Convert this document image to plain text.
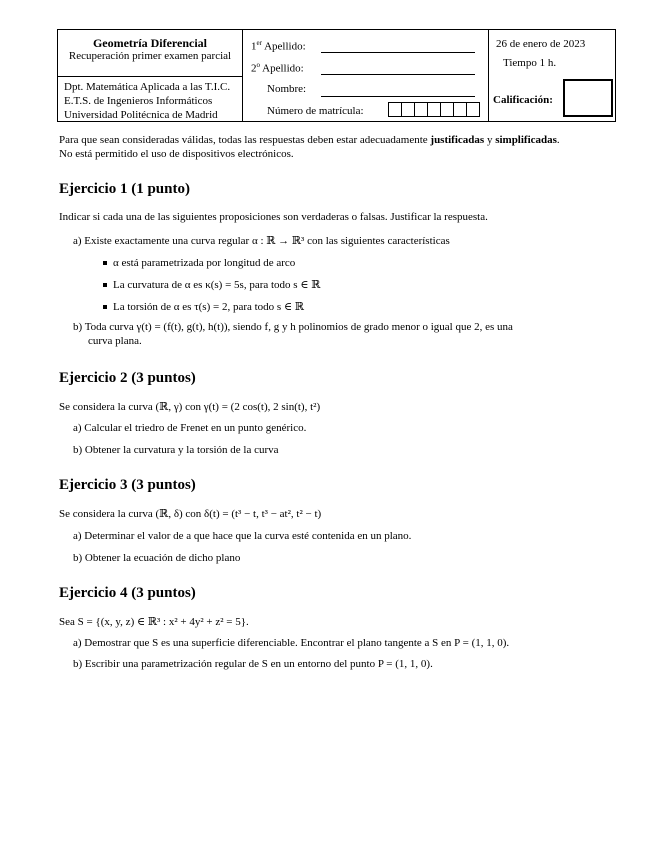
Geometría Diferencial
Recuperación primer examen parcial
Dpt. Matemática Aplicada a las T.I.C.
E.T.S. de Ingenieros Informáticos
Universidad Politécnica de Madrid
1er Apellido:
2$^o$ Apellido:
Nombre:
Número de matrícula:
26 de enero de 2023
Tiempo 1 h.
Calificación:
Para que sean consideradas válidas, todas las respuestas deben estar adecuadamente justificadas y simplificadas.
No está permitido el uso de dispositivos electrónicos.
Ejercicio 1 (1 punto)
Indicar si cada una de las siguientes proposiciones son verdaderas o falsas. Justificar la respuesta.
a) Existe exactamente una curva regular α : ℝ → ℝ³ con las siguientes características
α está parametrizada por longitud de arco
La curvatura de α es κ(s) = 5s, para todo s ∈ ℝ
La torsión de α es τ(s) = 2, para todo s ∈ ℝ
b) Toda curva γ(t) = (f(t), g(t), h(t)), siendo f, g y h polinomios de grado menor o igual que 2, es una
curva plana.
Ejercicio 2 (3 puntos)
Se considera la curva (ℝ, γ) con γ(t) = (2 cos(t), 2 sin(t), t²)
a) Calcular el triedro de Frenet en un punto genérico.
b) Obtener la curvatura y la torsión de la curva
Ejercicio 3 (3 puntos)
Se considera la curva (ℝ, δ) con δ(t) = (t³ − t, t³ − at², t² − t)
a) Determinar el valor de a que hace que la curva esté contenida en un plano.
b) Obtener la ecuación de dicho plano
Ejercicio 4 (3 puntos)
Sea S = {(x, y, z) ∈ ℝ³ : x² + 4y² + z² = 5}.
a) Demostrar que S es una superficie diferenciable. Encontrar el plano tangente a S en P = (1, 1, 0).
b) Escribir una parametrización regular de S en un entorno del punto P = (1, 1, 0).
